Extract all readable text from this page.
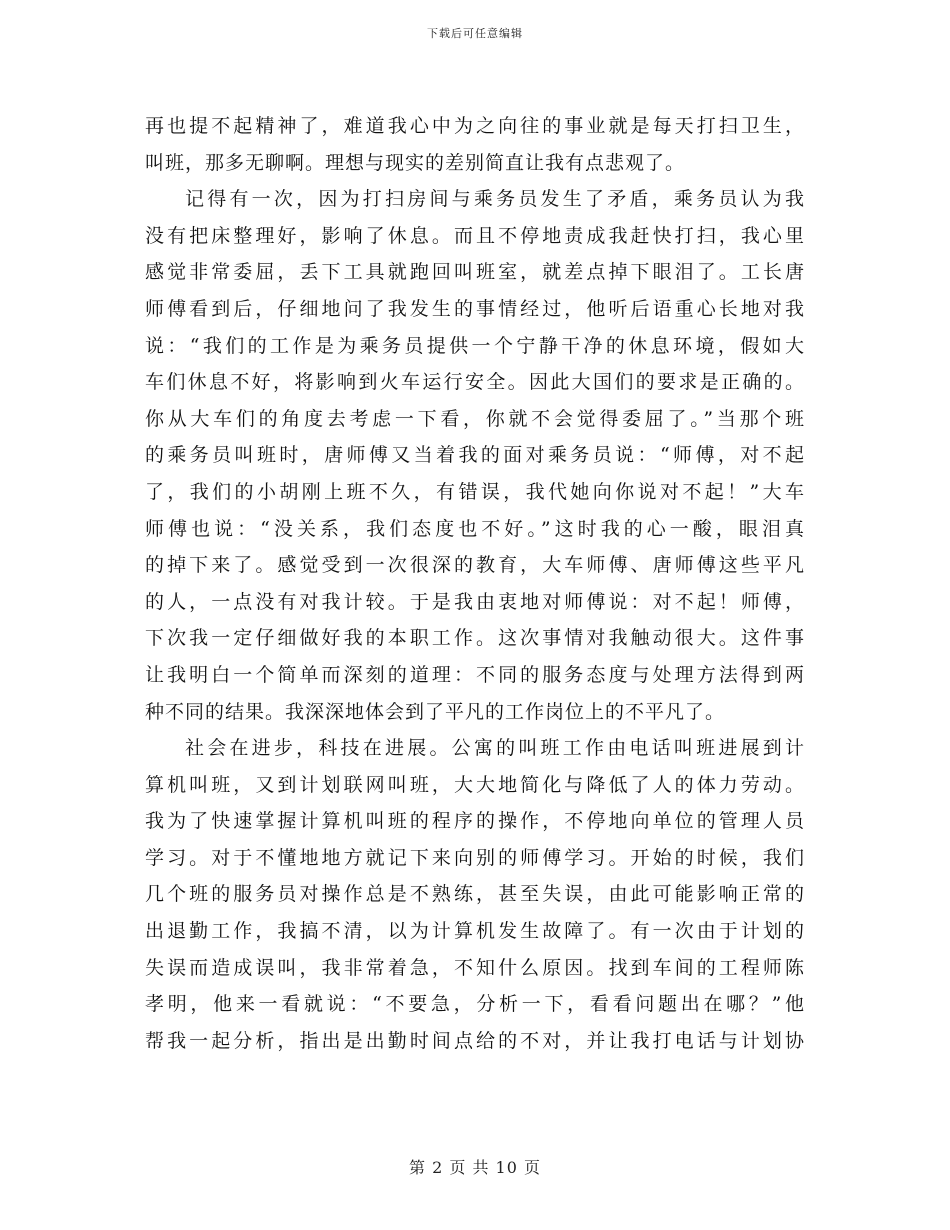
下载后可任意编辑
再也提不起精神了，难道我心中为之向往的事业就是每天打扫卫生，
叫班，那多无聊啊。理想与现实的差别简直让我有点悲观了。
记得有一次，因为打扫房间与乘务员发生了矛盾，乘务员认为我
没有把床整理好，影响了休息。而且不停地责成我赶快打扫，我心里
感觉非常委屈，丢下工具就跑回叫班室，就差点掉下眼泪了。工长唐
师傅看到后，仔细地问了我发生的事情经过，他听后语重心长地对我
说：“我们的工作是为乘务员提供一个宁静干净的休息环境，假如大
车们休息不好，将影响到火车运行安全。因此大国们的要求是正确的。
你从大车们的角度去考虑一下看，你就不会觉得委屈了。”当那个班
的乘务员叫班时，唐师傅又当着我的面对乘务员说：“师傅，对不起
了，我们的小胡刚上班不久，有错误，我代她向你说对不起！”大车
师傅也说：“没关系，我们态度也不好。”这时我的心一酸，眼泪真
的掉下来了。感觉受到一次很深的教育，大车师傅、唐师傅这些平凡
的人，一点没有对我计较。于是我由衷地对师傅说：对不起！师傅，
下次我一定仔细做好我的本职工作。这次事情对我触动很大。这件事
让我明白一个简单而深刻的道理：不同的服务态度与处理方法得到两
种不同的结果。我深深地体会到了平凡的工作岗位上的不平凡了。
社会在进步，科技在进展。公寓的叫班工作由电话叫班进展到计
算机叫班，又到计划联网叫班，大大地简化与降低了人的体力劳动。
我为了快速掌握计算机叫班的程序的操作，不停地向单位的管理人员
学习。对于不懂地地方就记下来向别的师傅学习。开始的时候，我们
几个班的服务员对操作总是不熟练，甚至失误，由此可能影响正常的
出退勤工作，我搞不清，以为计算机发生故障了。有一次由于计划的
失误而造成误叫，我非常着急，不知什么原因。找到车间的工程师陈
孝明，他来一看就说：“不要急，分析一下，看看问题出在哪？”他
帮我一起分析，指出是出勤时间点给的不对，并让我打电话与计划协
第 2 页 共 10 页
